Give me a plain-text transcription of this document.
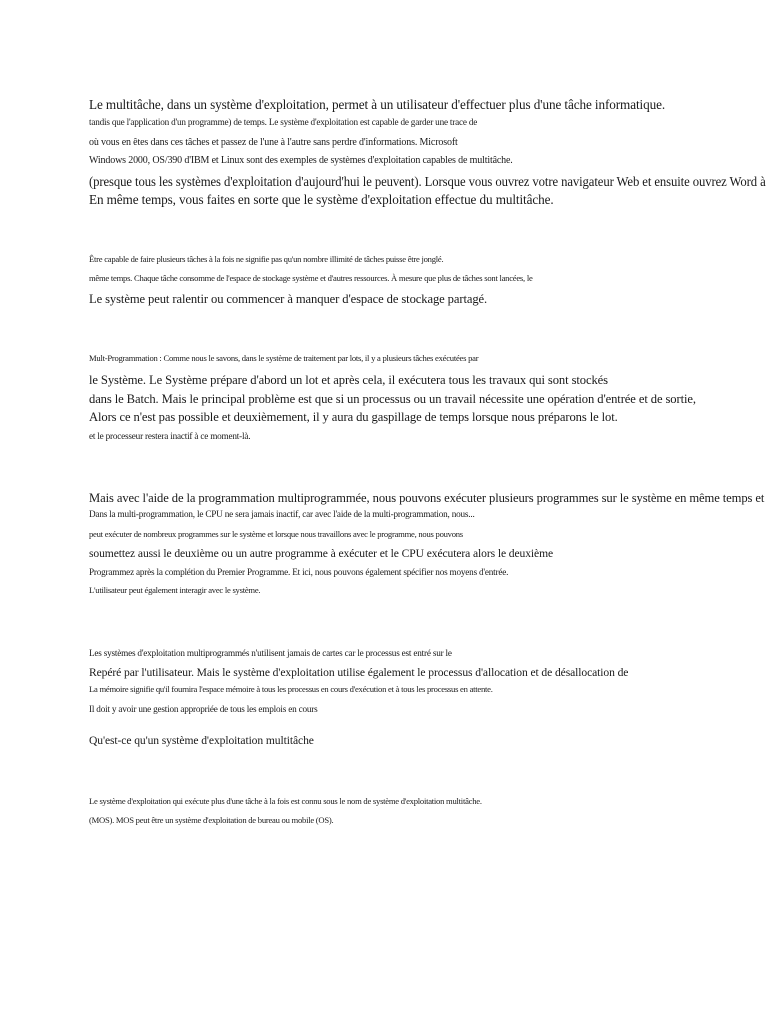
Le multitâche, dans un système d'exploitation, permet à un utilisateur d'effectuer plus d'une tâche informatique.
tandis que l'application d'un programme) de temps. Le système d'exploitation est capable de garder une trace de
où vous en êtes dans ces tâches et passez de l'une à l'autre sans perdre d'informations. Microsoft
Windows 2000, OS/390 d'IBM et Linux sont des exemples de systèmes d'exploitation capables de multitâche.
(presque tous les systèmes d'exploitation d'aujourd'hui le peuvent). Lorsque vous ouvrez votre navigateur Web et ensuite ouvrez Word à
En même temps, vous faites en sorte que le système d'exploitation effectue du multitâche.
Être capable de faire plusieurs tâches à la fois ne signifie pas qu'un nombre illimité de tâches puisse être jonglé.
même temps. Chaque tâche consomme de l'espace de stockage système et d'autres ressources. À mesure que plus de tâches sont lancées, le
Le système peut ralentir ou commencer à manquer d'espace de stockage partagé.
Mult-Programmation : Comme nous le savons, dans le système de traitement par lots, il y a plusieurs tâches exécutées par
le Système. Le Système prépare d'abord un lot et après cela, il exécutera tous les travaux qui sont stockés
dans le Batch. Mais le principal problème est que si un processus ou un travail nécessite une opération d'entrée et de sortie,
Alors ce n'est pas possible et deuxièmement, il y aura du gaspillage de temps lorsque nous préparons le lot.
et le processeur restera inactif à ce moment-là.
Mais avec l'aide de la programmation multiprogrammée, nous pouvons exécuter plusieurs programmes sur le système en même temps et
Dans la multi-programmation, le CPU ne sera jamais inactif, car avec l'aide de la multi-programmation, nous...
peut exécuter de nombreux programmes sur le système et lorsque nous travaillons avec le programme, nous pouvons
soumettez aussi le deuxième ou un autre programme à exécuter et le CPU exécutera alors le deuxième
Programmez après la complétion du Premier Programme. Et ici, nous pouvons également spécifier nos moyens d'entrée.
L'utilisateur peut également interagir avec le système.
Les systèmes d'exploitation multiprogrammés n'utilisent jamais de cartes car le processus est entré sur le
Repéré par l'utilisateur. Mais le système d'exploitation utilise également le processus d'allocation et de désallocation de
La mémoire signifie qu'il fournira l'espace mémoire à tous les processus en cours d'exécution et à tous les processus en attente.
Il doit y avoir une gestion appropriée de tous les emplois en cours
Qu'est-ce qu'un système d'exploitation multitâche
Le système d'exploitation qui exécute plus d'une tâche à la fois est connu sous le nom de système d'exploitation multitâche.
(MOS). MOS peut être un système d'exploitation de bureau ou mobile (OS).
